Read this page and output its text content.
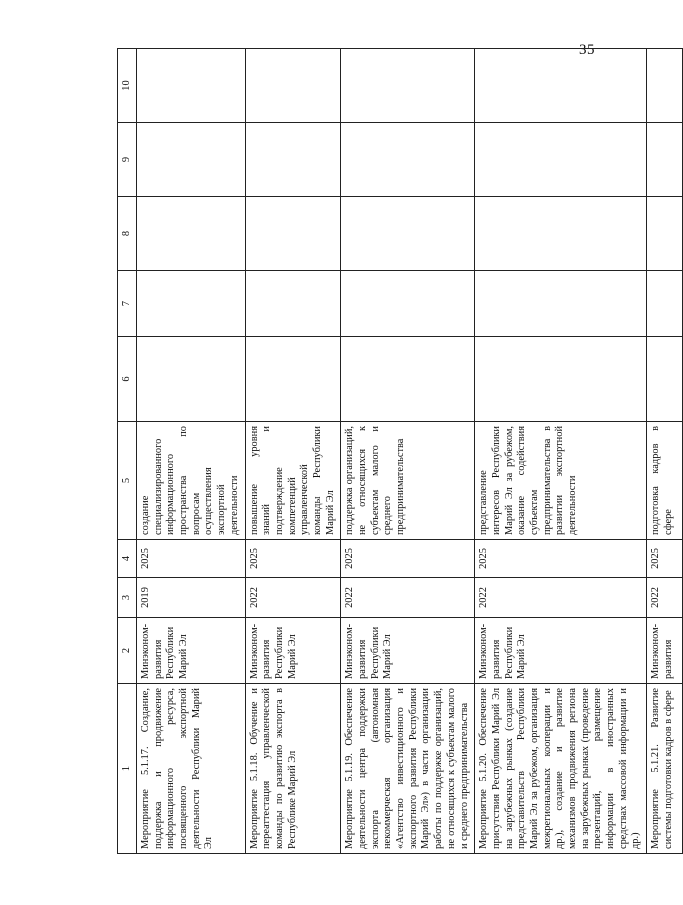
35
1	2	3	4	5	6	7	8	9	10
Мероприятие 5.1.17. Создание, поддержка и продвижение информационного ресурса, посвященного экспортной деятельности Республики Марий Эл	Минэконом-развития Республики Марий Эл	2019	2025	создание специализированного информационного пространства по вопросам осуществления экспортной деятельности					
Мероприятие 5.1.18. Обучение и переаттестация управленческой команды по развитию экспорта в Республике Марий Эл	Минэконом-развития Республики Марий Эл	2022	2025	повышение уровня знаний и подтверждение компетенций управленческой команды Республики Марий Эл					
Мероприятие 5.1.19. Обеспечение деятельности центра поддержки экспорта (автономная некоммерческая организация «Агентство инвестиционного и экспортного развития Республики Марий Эл») в части организации работы по поддержке организаций, не относящихся к субъектам малого и среднего предпринимательства	Минэконом-развития Республики Марий Эл	2022	2025	поддержка организаций, не относящихся к субъектам малого и среднего предпринимательства					
Мероприятие 5.1.20. Обеспечение присутствия Республики Марий Эл на зарубежных рынках (создание представительств Республики Марий Эл за рубежом, организация межрегиональных кооперации и др.), создание и развитие механизмов продвижения региона на зарубежных рынках (проведение презентаций, размещение информации в иностранных средствах массовой информации и др.)	Минэконом-развития Республики Марий Эл	2022	2025	представление интересов Республики Марий Эл за рубежом, оказание содействия субъектам предпринимательства в развитии экспортной деятельности					
Мероприятие 5.1.21. Развитие системы подготовки кадров в сфере	Минэконом-развития	2022	2025	подготовка кадров в сфере					
